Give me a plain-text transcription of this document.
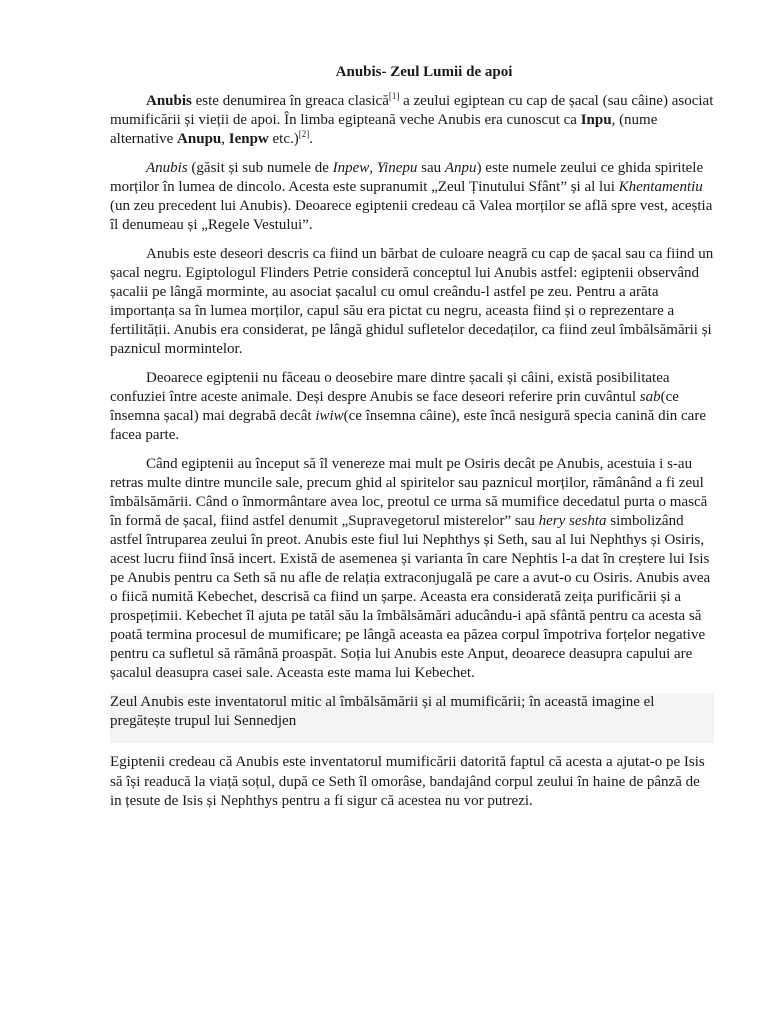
Anubis- Zeul Lumii de apoi

Anubis este denumirea în greaca clasică[1] a zeului egiptean cu cap de șacal (sau câine) asociat mumificării și vieții de apoi. În limba egipteană veche Anubis era cunoscut ca Inpu, (nume alternative Anupu, Ienpw etc.)[2].

Anubis (găsit și sub numele de Inpew, Yinepu sau Anpu) este numele zeului ce ghida spiritele morților în lumea de dincolo. Acesta este supranumit „Zeul Ținutului Sfânt” și al lui Khentamentiu (un zeu precedent lui Anubis). Deoarece egiptenii credeau că Valea morților se află spre vest, aceștia îl denumeau și „Regele Vestului”.

Anubis este deseori descris ca fiind un bărbat de culoare neagră cu cap de șacal sau ca fiind un șacal negru. Egiptologul Flinders Petrie consideră conceptul lui Anubis astfel: egiptenii observând șacalii pe lângă morminte, au asociat șacalul cu omul creându-l astfel pe zeu. Pentru a arăta importanța sa în lumea morților, capul său era pictat cu negru, aceasta fiind și o reprezentare a fertilității. Anubis era considerat, pe lângă ghidul sufletelor decedaților, ca fiind zeul îmbălsămării și paznicul mormintelor.

Deoarece egiptenii nu făceau o deosebire mare dintre șacali și câini, există posibilitatea confuziei între aceste animale. Deși despre Anubis se face deseori referire prin cuvântul sab(ce însemna șacal) mai degrabă decât iwiw(ce însemna câine), este încă nesigură specia canină din care facea parte.

Când egiptenii au început să îl venereze mai mult pe Osiris decât pe Anubis, acestuia i s-au retras multe dintre muncile sale, precum ghid al spiritelor sau paznicul morților, rămânând a fi zeul îmbălsămării. Când o înmormântare avea loc, preotul ce urma să mumifice decedatul purta o mască în formă de șacal, fiind astfel denumit „Supravegetorul misterelor” sau hery seshta simbolizând astfel întruparea zeului în preot. Anubis este fiul lui Nephthys și Seth, sau al lui Nephthys și Osiris, acest lucru fiind însă incert. Există de asemenea și varianta în care Nephtis l-a dat în creștere lui Isis pe Anubis pentru ca Seth să nu afle de relația extraconjugală pe care a avut-o cu Osiris. Anubis avea o fiică numită Kebechet, descrisă ca fiind un șarpe. Aceasta era considerată zeița purificării și a prospețimii. Kebechet îl ajuta pe tatăl său la îmbălsămări aducându-i apă sfântă pentru ca acesta să poată termina procesul de mumificare; pe lângă aceasta ea păzea corpul împotriva forțelor negative pentru ca sufletul să rămână proaspăt. Soția lui Anubis este Anput, deoarece deasupra capului are șacalul deasupra casei sale. Aceasta este mama lui Kebechet.

Zeul Anubis este inventatorul mitic al îmbălsămării și al mumificării; în această imagine el pregătește trupul lui Sennedjen

Egiptenii credeau că Anubis este inventatorul mumificării datorită faptul că acesta a ajutat-o pe Isis să își readucă la viață soțul, după ce Seth îl omorâse, bandajând corpul zeului în haine de pânză de in țesute de Isis și Nephthys pentru a fi sigur că acestea nu vor putrezi.
